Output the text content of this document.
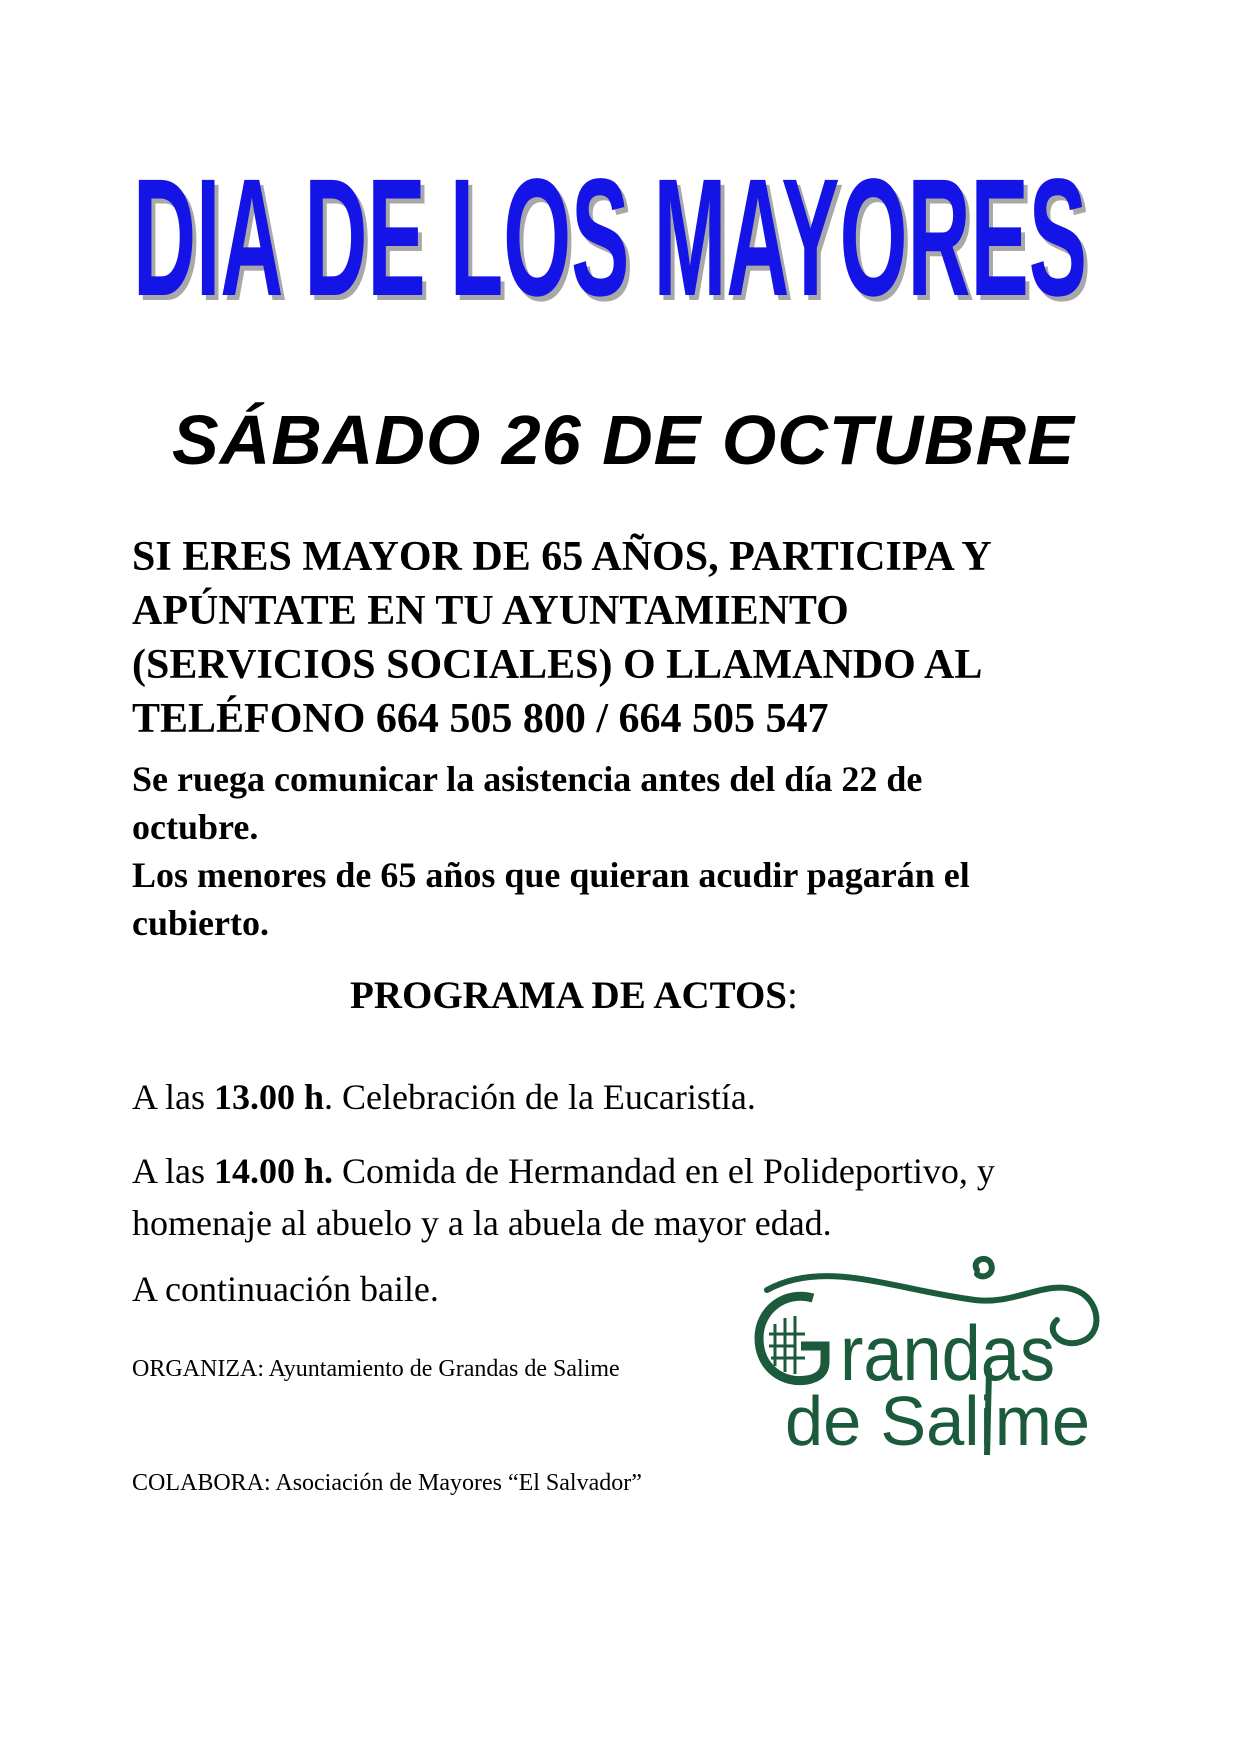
DIA DE LOS MAYORES
DIA DE LOS MAYORES
SÁBADO 26 DE OCTUBRE
SI ERES MAYOR DE 65 AÑOS, PARTICIPA Y
APÚNTATE EN TU AYUNTAMIENTO
(SERVICIOS SOCIALES) O LLAMANDO AL
TELÉFONO 664 505 800 / 664 505 547
Se ruega comunicar la asistencia antes del día 22 de
octubre.
Los menores de 65 años que quieran acudir pagarán el
cubierto.
PROGRAMA DE ACTOS:
A las 13.00 h. Celebración de la Eucaristía.
A las 14.00 h. Comida de Hermandad en el Polideportivo, y
homenaje al abuelo y a la abuela de mayor edad.
A continuación baile.
ORGANIZA: Ayuntamiento de Grandas de Salime
COLABORA: Asociación de Mayores “El Salvador”
randas
de Salime
